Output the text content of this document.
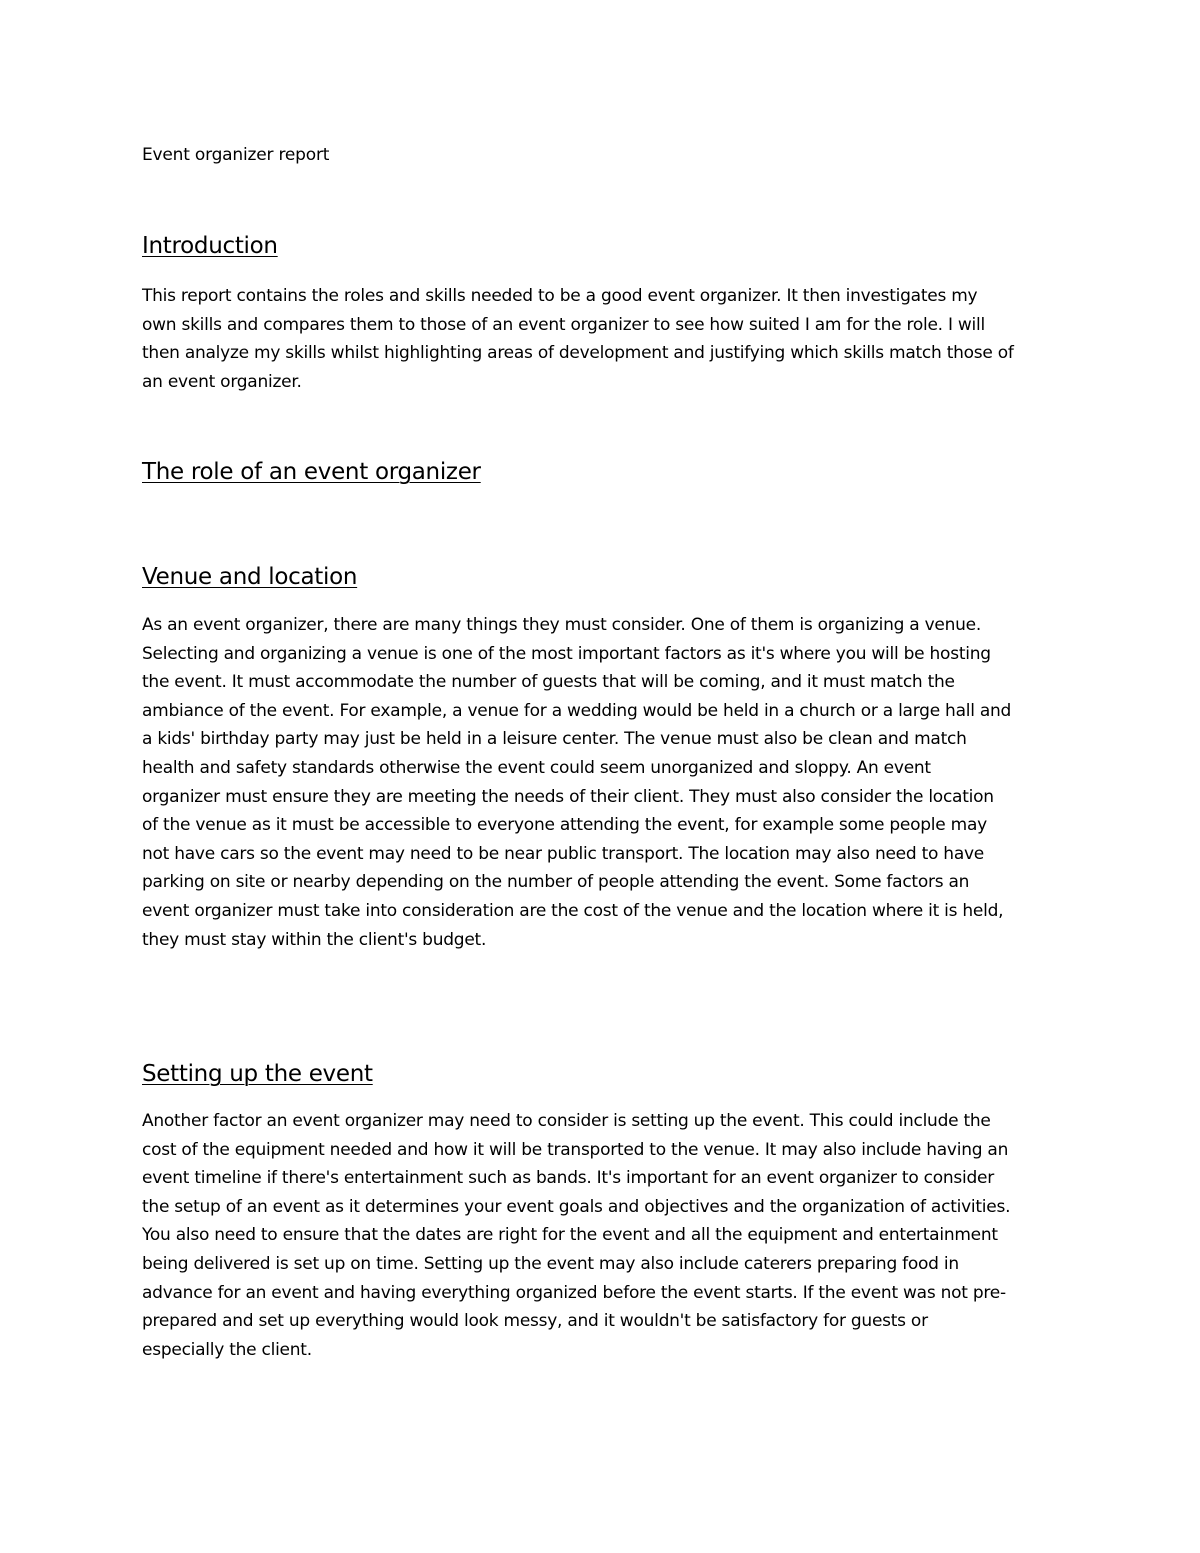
Event organizer report
Introduction
This report contains the roles and skills needed to be a good event organizer. It then investigates my
own skills and compares them to those of an event organizer to see how suited I am for the role. I will
then analyze my skills whilst highlighting areas of development and justifying which skills match those of
an event organizer.
The role of an event organizer
Venue and location
As an event organizer, there are many things they must consider. One of them is organizing a venue.
Selecting and organizing a venue is one of the most important factors as it's where you will be hosting
the event. It must accommodate the number of guests that will be coming, and it must match the
ambiance of the event. For example, a venue for a wedding would be held in a church or a large hall and
a kids' birthday party may just be held in a leisure center. The venue must also be clean and match
health and safety standards otherwise the event could seem unorganized and sloppy. An event
organizer must ensure they are meeting the needs of their client. They must also consider the location
of the venue as it must be accessible to everyone attending the event, for example some people may
not have cars so the event may need to be near public transport. The location may also need to have
parking on site or nearby depending on the number of people attending the event. Some factors an
event organizer must take into consideration are the cost of the venue and the location where it is held,
they must stay within the client's budget.
Setting up the event
Another factor an event organizer may need to consider is setting up the event. This could include the
cost of the equipment needed and how it will be transported to the venue. It may also include having an
event timeline if there's entertainment such as bands. It's important for an event organizer to consider
the setup of an event as it determines your event goals and objectives and the organization of activities.
You also need to ensure that the dates are right for the event and all the equipment and entertainment
being delivered is set up on time. Setting up the event may also include caterers preparing food in
advance for an event and having everything organized before the event starts. If the event was not pre-
prepared and set up everything would look messy, and it wouldn't be satisfactory for guests or
especially the client.
